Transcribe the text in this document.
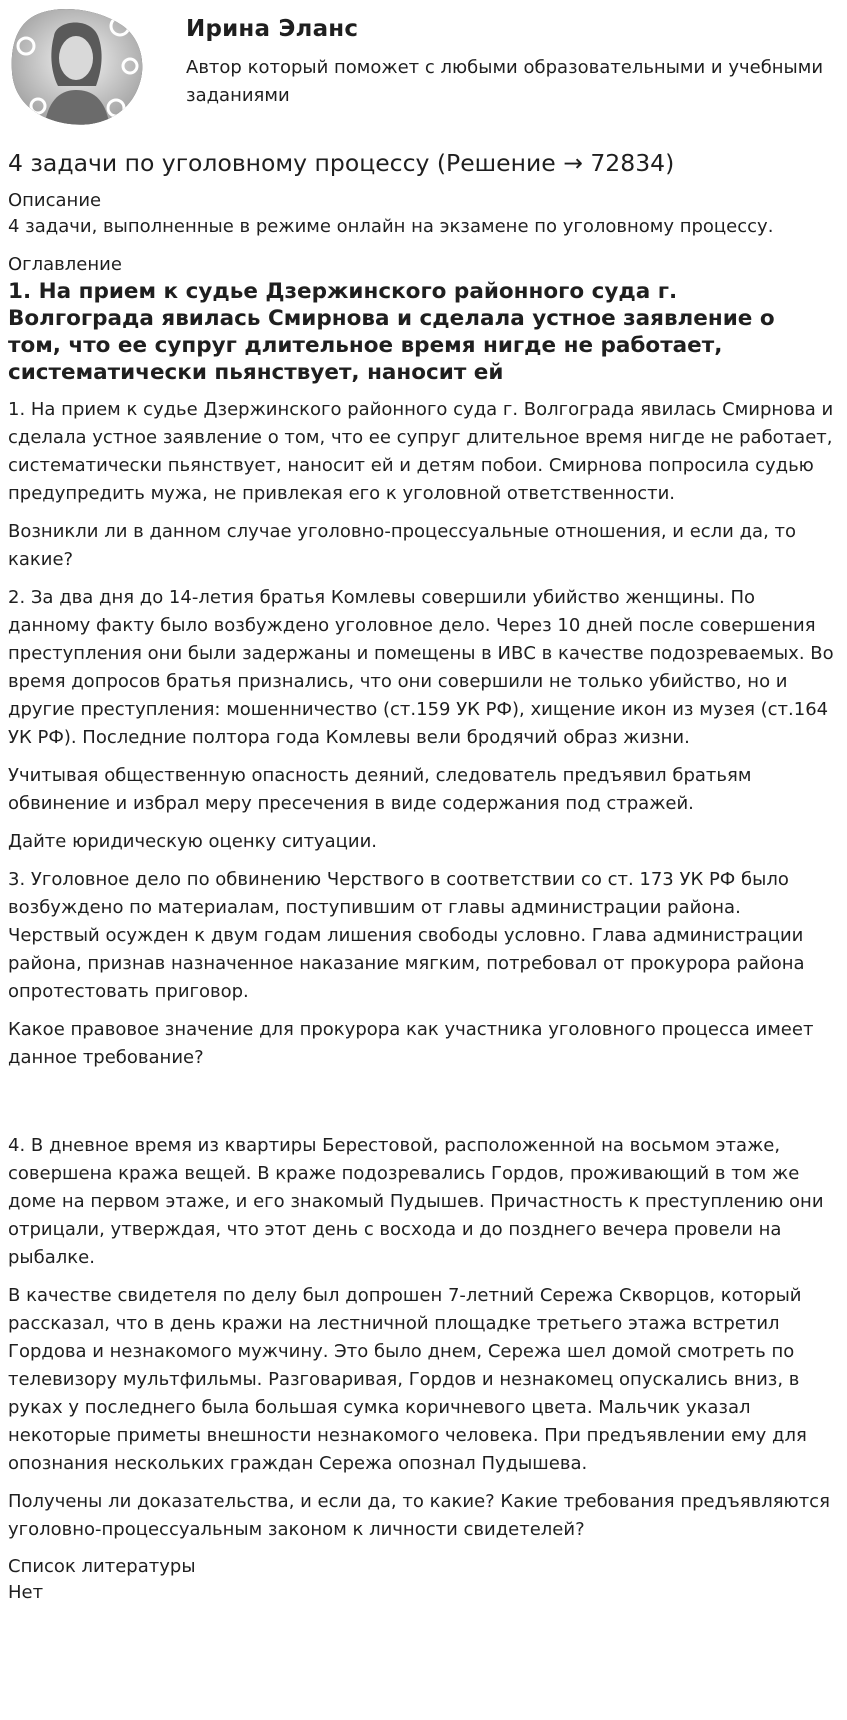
Ирина Эланс
Автор который поможет с любыми образовательными и учебными заданиями
4 задачи по уголовному процессу (Решение → 72834)
Описание
4 задачи, выполненные в режиме онлайн на экзамене по уголовному процессу.
Оглавление
1. На прием к судье Дзержинского районного суда г. Волгограда явилась Смирнова и сделала устное заявление о том, что ее супруг длительное время нигде не работает, систематически пьянствует, наносит ей

1. На прием к судье Дзержинского районного суда г. Волгограда явилась Смирнова и сделала устное заявление о том, что ее супруг длительное время нигде не работает, систематически пьянствует, наносит ей и детям побои. Смирнова попросила судью предупредить мужа, не привлекая его к уголовной ответственности.

Возникли ли в данном случае уголовно-процессуальные отношения, и если да, то какие?

2. За два дня до 14-летия братья Комлевы совершили убийство женщины. По данному факту было возбуждено уголовное дело. Через 10 дней после совершения преступления они были задержаны и помещены в ИВС в качестве подозреваемых. Во время допросов братья признались, что они совершили не только убийство, но и другие преступления: мошенничество (ст.159 УК РФ), хищение икон из музея (ст.164 УК РФ). Последние полтора года Комлевы вели бродячий образ жизни.

Учитывая общественную опасность деяний, следователь предъявил братьям обвинение и избрал меру пресечения в виде содержания под стражей.

Дайте юридическую оценку ситуации.

3. Уголовное дело по обвинению Черствого в соответствии со ст. 173 УК РФ было возбуждено по материалам, поступившим от главы администрации района. Черствый осужден к двум годам лишения свободы условно. Глава администрации района, признав назначенное наказание мягким, потребовал от прокурора района опротестовать приговор.

Какое правовое значение для прокурора как участника уголовного процесса имеет данное требование?

4. В дневное время из квартиры Берестовой, расположенной на восьмом этаже, совершена кража вещей. В краже подозревались Гордов, проживающий в том же доме на первом этаже, и его знакомый Пудышев. Причастность к преступлению они отрицали, утверждая, что этот день с восхода и до позднего вечера провели на рыбалке.

В качестве свидетеля по делу был допрошен 7-летний Сережа Скворцов, который рассказал, что в день кражи на лестничной площадке третьего этажа встретил Гордова и незнакомого мужчину. Это было днем, Сережа шел домой смотреть по телевизору мультфильмы. Разговаривая, Гордов и незнакомец опускались вниз, в руках у последнего была большая сумка коричневого цвета. Мальчик указал некоторые приметы внешности незнакомого человека. При предъявлении ему для опознания нескольких граждан Сережа опознал Пудышева.

Получены ли доказательства, и если да, то какие? Какие требования предъявляются уголовно-процессуальным законом к личности свидетелей?

Список литературы
Нет
